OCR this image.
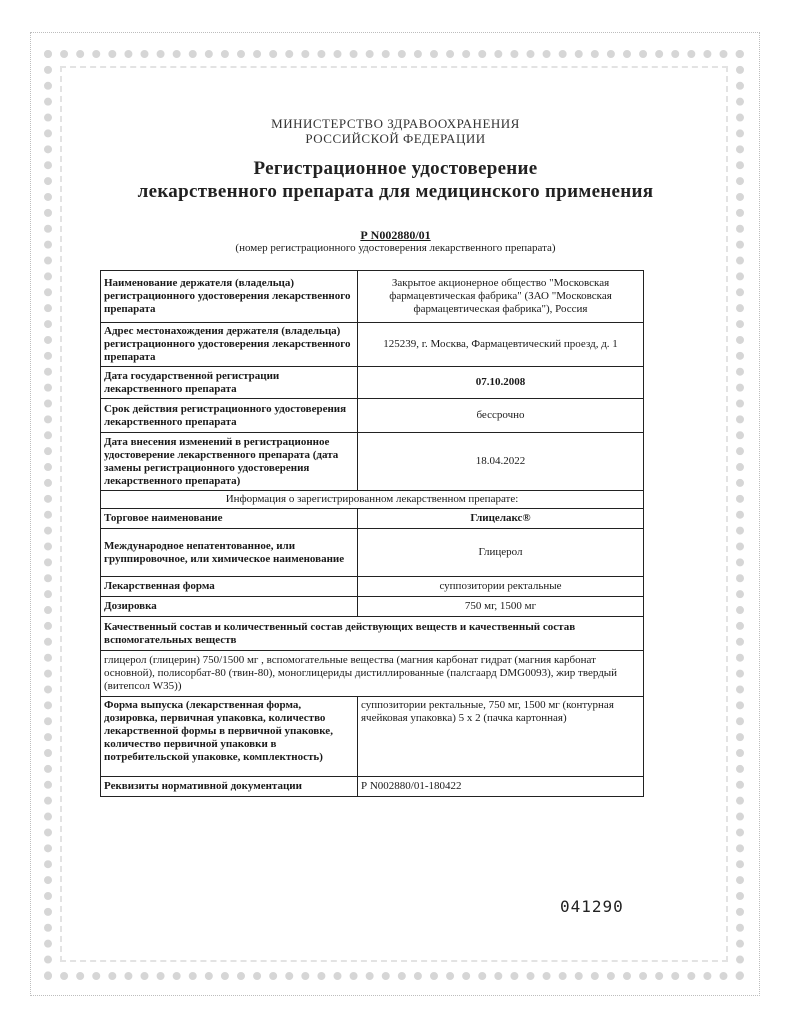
МИНИСТЕРСТВО ЗДРАВООХРАНЕНИЯ
РОССИЙСКОЙ ФЕДЕРАЦИИ
Регистрационное удостоверение
лекарственного препарата для медицинского применения
Р N002880/01
(номер регистрационного удостоверения лекарственного препарата)
Наименование держателя (владельца) регистрационного удостоверения лекарственного препарата	Закрытое акционерное общество "Московская фармацевтическая фабрика" (ЗАО "Московская фармацевтическая фабрика"), Россия
Адрес местонахождения держателя (владельца) регистрационного удостоверения лекарственного препарата	125239, г. Москва, Фармацевтический проезд, д. 1
Дата государственной регистрации лекарственного препарата	07.10.2008
Срок действия регистрационного удостоверения лекарственного препарата	бессрочно
Дата внесения изменений в регистрационное удостоверение лекарственного препарата (дата замены регистрационного удостоверения лекарственного препарата)	18.04.2022
Информация о зарегистрированном лекарственном препарате:	
Торговое наименование	Глицелакс®
Международное непатентованное, или группировочное, или химическое наименование	Глицерол
Лекарственная форма	суппозитории ректальные
Дозировка	750 мг, 1500 мг
Качественный состав и количественный состав действующих веществ и качественный состав вспомогательных веществ	
глицерол (глицерин) 750/1500 мг , вспомогательные вещества (магния карбонат гидрат (магния карбонат основной), полисорбат-80 (твин-80), моноглицериды дистиллированные (палсгаард DMG0093), жир твердый (витепсол W35))	
Форма выпуска (лекарственная форма, дозировка, первичная упаковка, количество лекарственной формы в первичной упаковке, количество первичной упаковки в потребительской упаковке, комплектность)	суппозитории ректальные, 750 мг, 1500 мг (контурная ячейковая упаковка) 5 x 2 (пачка картонная)
Реквизиты нормативной документации	Р N002880/01-180422
041290
